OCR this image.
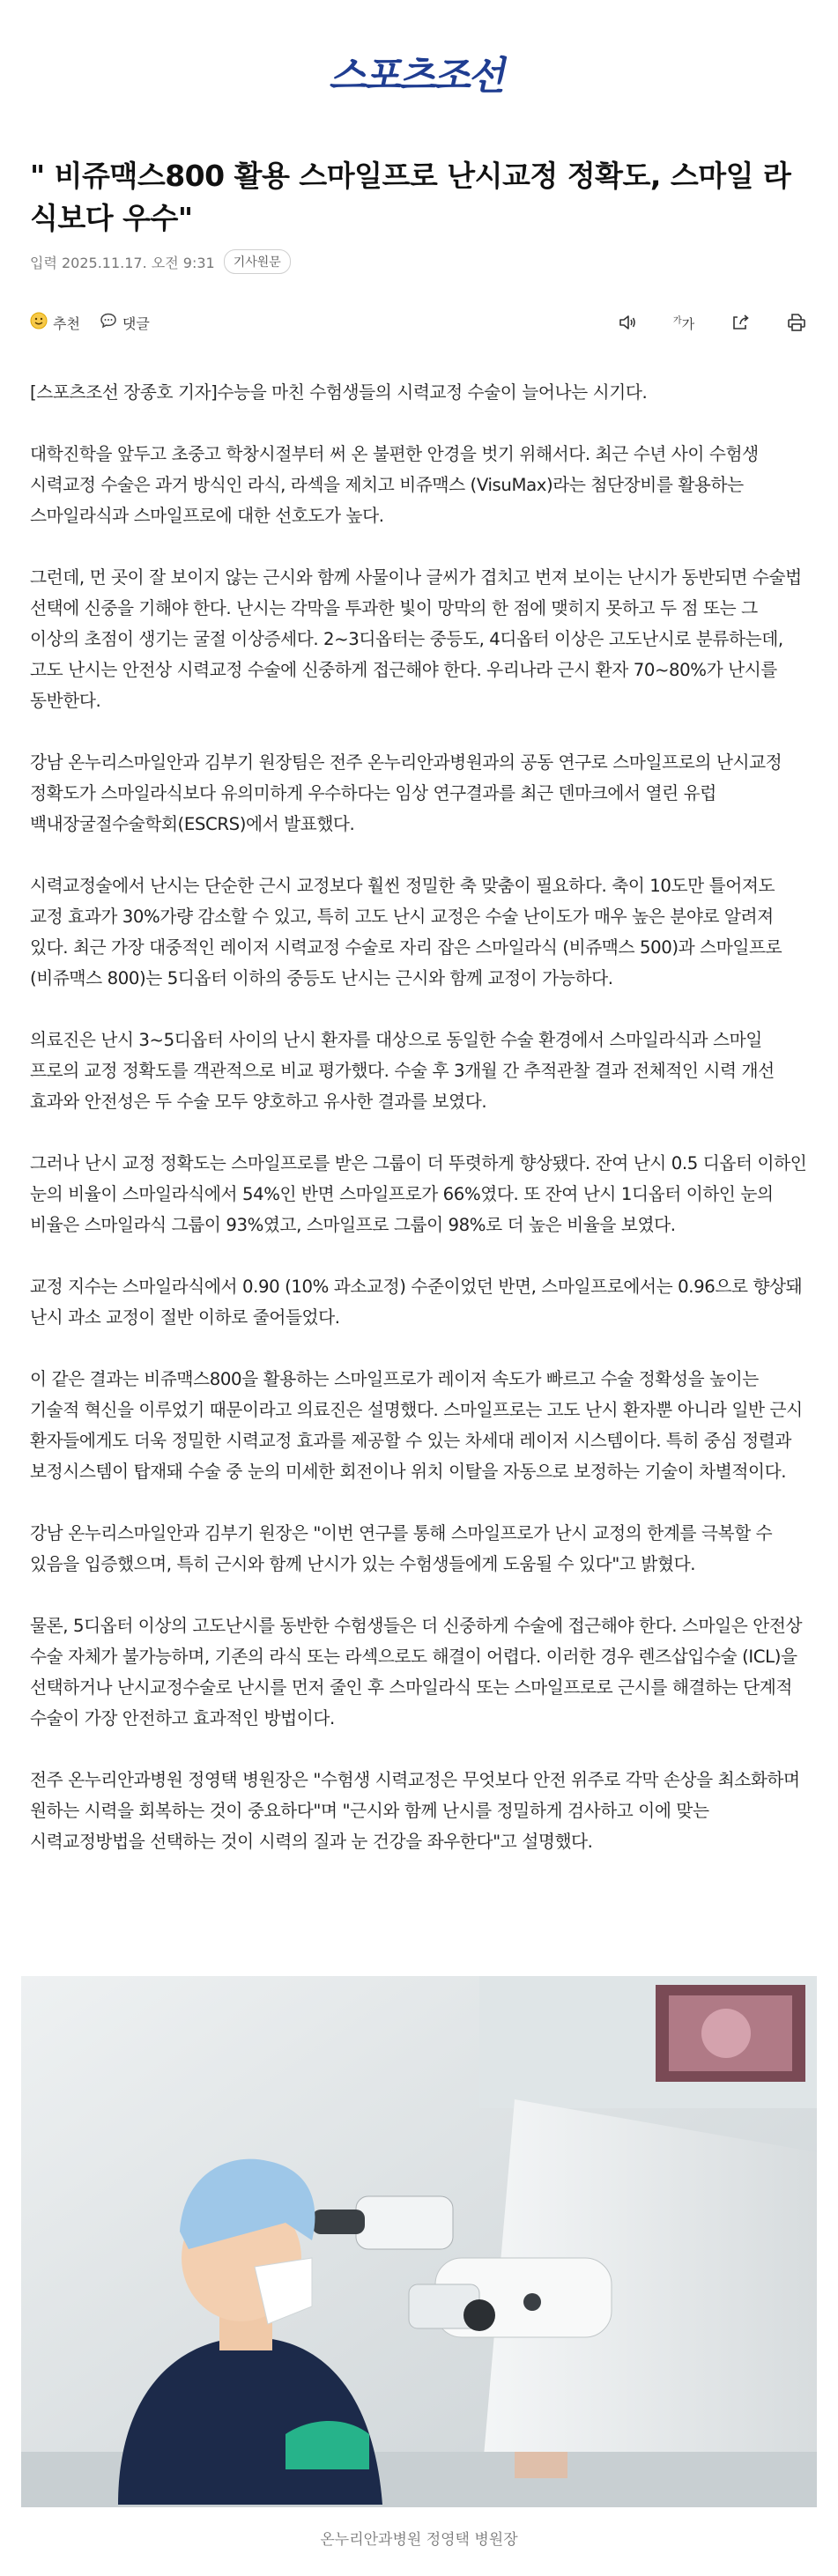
스포츠조선
" 비쥬맥스800 활용 스마일프로 난시교정 정확도, 스마일 라식보다 우수"
입력 2025.11.17. 오전 9:31	기사원문
추천	댓글	$^가$가

[스포츠조선 장종호 기자]수능을 마친 수험생들의 시력교정 수술이 늘어나는 시기다.

대학진학을 앞두고 초중고 학창시절부터 써 온 불편한 안경을 벗기 위해서다. 최근 수년 사이 수험생 시력교정 수술은 과거 방식인 라식, 라섹을 제치고 비쥬맥스 (VisuMax)라는 첨단장비를 활용하는 스마일라식과 스마일프로에 대한 선호도가 높다.

그런데, 먼 곳이 잘 보이지 않는 근시와 함께 사물이나 글씨가 겹치고 번져 보이는 난시가 동반되면 수술법 선택에 신중을 기해야 한다. 난시는 각막을 투과한 빛이 망막의 한 점에 맺히지 못하고 두 점 또는 그 이상의 초점이 생기는 굴절 이상증세다. 2~3디옵터는 중등도, 4디옵터 이상은 고도난시로 분류하는데, 고도 난시는 안전상 시력교정 수술에 신중하게 접근해야 한다. 우리나라 근시 환자 70~80%가 난시를 동반한다.

강남 온누리스마일안과 김부기 원장팀은 전주 온누리안과병원과의 공동 연구로 스마일프로의 난시교정 정확도가 스마일라식보다 유의미하게 우수하다는 임상 연구결과를 최근 덴마크에서 열린 유럽 백내장굴절수술학회(ESCRS)에서 발표했다.

시력교정술에서 난시는 단순한 근시 교정보다 훨씬 정밀한 축 맞춤이 필요하다. 축이 10도만 틀어져도 교정 효과가 30%가량 감소할 수 있고, 특히 고도 난시 교정은 수술 난이도가 매우 높은 분야로 알려져 있다. 최근 가장 대중적인 레이저 시력교정 수술로 자리 잡은 스마일라식 (비쥬맥스 500)과 스마일프로 (비쥬맥스 800)는 5디옵터 이하의 중등도 난시는 근시와 함께 교정이 가능하다.

의료진은 난시 3~5디옵터 사이의 난시 환자를 대상으로 동일한 수술 환경에서 스마일라식과 스마일 프로의 교정 정확도를 객관적으로 비교 평가했다. 수술 후 3개월 간 추적관찰 결과 전체적인 시력 개선 효과와 안전성은 두 수술 모두 양호하고 유사한 결과를 보였다.

그러나 난시 교정 정확도는 스마일프로를 받은 그룹이 더 뚜렷하게 향상됐다. 잔여 난시 0.5 디옵터 이하인 눈의 비율이 스마일라식에서 54%인 반면 스마일프로가 66%였다. 또 잔여 난시 1디옵터 이하인 눈의 비율은 스마일라식 그룹이 93%였고, 스마일프로 그룹이 98%로 더 높은 비율을 보였다.

교정 지수는 스마일라식에서 0.90 (10% 과소교정) 수준이었던 반면, 스마일프로에서는 0.96으로 향상돼 난시 과소 교정이 절반 이하로 줄어들었다.

이 같은 결과는 비쥬맥스800을 활용하는 스마일프로가 레이저 속도가 빠르고 수술 정확성을 높이는 기술적 혁신을 이루었기 때문이라고 의료진은 설명했다. 스마일프로는 고도 난시 환자뿐 아니라 일반 근시 환자들에게도 더욱 정밀한 시력교정 효과를 제공할 수 있는 차세대 레이저 시스템이다. 특히 중심 정렬과 보정시스템이 탑재돼 수술 중 눈의 미세한 회전이나 위치 이탈을 자동으로 보정하는 기술이 차별적이다.

강남 온누리스마일안과 김부기 원장은 "이번 연구를 통해 스마일프로가 난시 교정의 한계를 극복할 수 있음을 입증했으며, 특히 근시와 함께 난시가 있는 수험생들에게 도움될 수 있다"고 밝혔다.

물론, 5디옵터 이상의 고도난시를 동반한 수험생들은 더 신중하게 수술에 접근해야 한다. 스마일은 안전상 수술 자체가 불가능하며, 기존의 라식 또는 라섹으로도 해결이 어렵다. 이러한 경우 렌즈삽입수술 (ICL)을 선택하거나 난시교정수술로 난시를 먼저 줄인 후 스마일라식 또는 스마일프로로 근시를 해결하는 단계적 수술이 가장 안전하고 효과적인 방법이다.

전주 온누리안과병원 정영택 병원장은 "수험생 시력교정은 무엇보다 안전 위주로 각막 손상을 최소화하며 원하는 시력을 회복하는 것이 중요하다"며 "근시와 함께 난시를 정밀하게 검사하고 이에 맞는 시력교정방법을 선택하는 것이 시력의 질과 눈 건강을 좌우한다"고 설명했다.

온누리안과병원 정영택 병원장
